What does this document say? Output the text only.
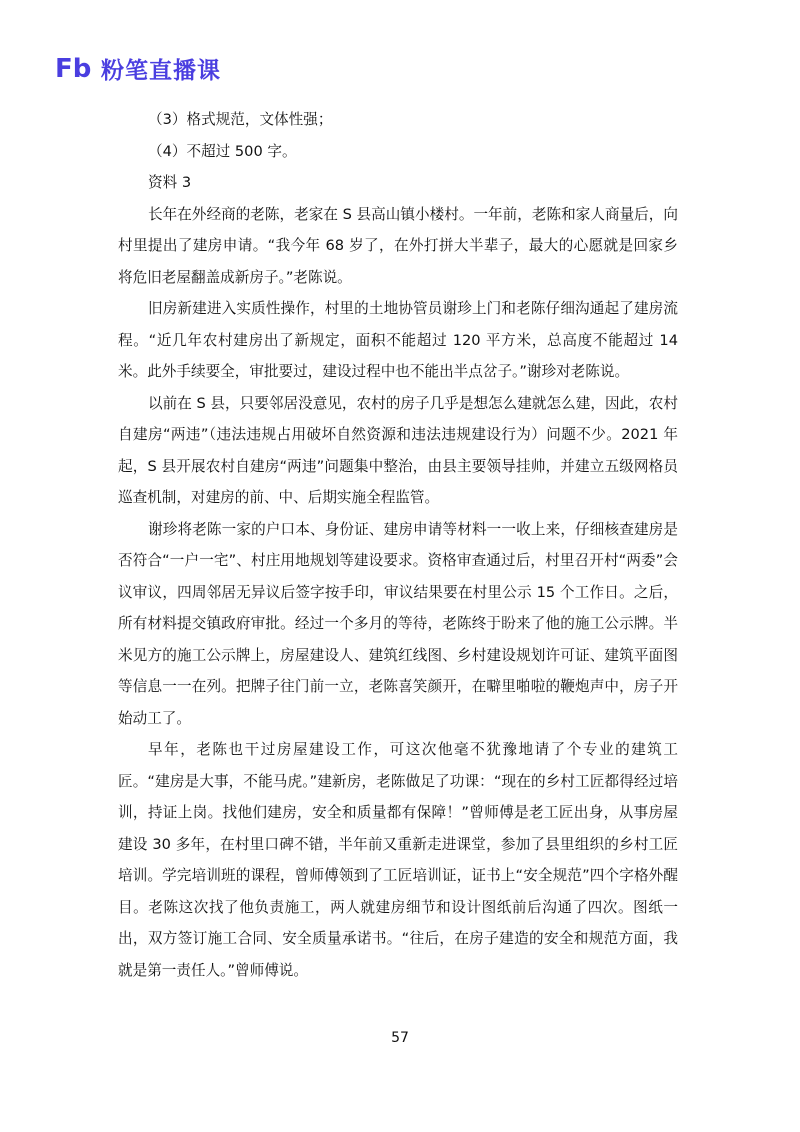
Fb 粉笔直播课

（3）格式规范，文体性强；

（4）不超过 500 字。

资料 3

长年在外经商的老陈，老家在 S 县高山镇小楼村。一年前，老陈和家人商量后，向村里提出了建房申请。“我今年 68 岁了，在外打拼大半辈子，最大的心愿就是回家乡将危旧老屋翻盖成新房子。”老陈说。

旧房新建进入实质性操作，村里的土地协管员谢珍上门和老陈仔细沟通起了建房流程。“近几年农村建房出了新规定，面积不能超过 120 平方米，总高度不能超过 14 米。此外手续要全，审批要过，建设过程中也不能出半点岔子。”谢珍对老陈说。

以前在 S 县，只要邻居没意见，农村的房子几乎是想怎么建就怎么建，因此，农村自建房“两违”（违法违规占用破坏自然资源和违法违规建设行为）问题不少。2021 年起，S 县开展农村自建房“两违”问题集中整治，由县主要领导挂帅，并建立五级网格员巡查机制，对建房的前、中、后期实施全程监管。

谢珍将老陈一家的户口本、身份证、建房申请等材料一一收上来，仔细核查建房是否符合“一户一宅”、村庄用地规划等建设要求。资格审查通过后，村里召开村“两委”会议审议，四周邻居无异议后签字按手印，审议结果要在村里公示 15 个工作日。之后，所有材料提交镇政府审批。经过一个多月的等待，老陈终于盼来了他的施工公示牌。半米见方的施工公示牌上，房屋建设人、建筑红线图、乡村建设规划许可证、建筑平面图等信息一一在列。把牌子往门前一立，老陈喜笑颜开，在噼里啪啦的鞭炮声中，房子开始动工了。

早年，老陈也干过房屋建设工作，可这次他毫不犹豫地请了个专业的建筑工匠。“建房是大事，不能马虎。”建新房，老陈做足了功课：“现在的乡村工匠都得经过培训，持证上岗。找他们建房，安全和质量都有保障！”曾师傅是老工匠出身，从事房屋建设 30 多年，在村里口碑不错，半年前又重新走进课堂，参加了县里组织的乡村工匠培训。学完培训班的课程，曾师傅领到了工匠培训证，证书上“安全规范”四个字格外醒目。老陈这次找了他负责施工，两人就建房细节和设计图纸前后沟通了四次。图纸一出，双方签订施工合同、安全质量承诺书。“往后，在房子建造的安全和规范方面，我就是第一责任人。”曾师傅说。

57
